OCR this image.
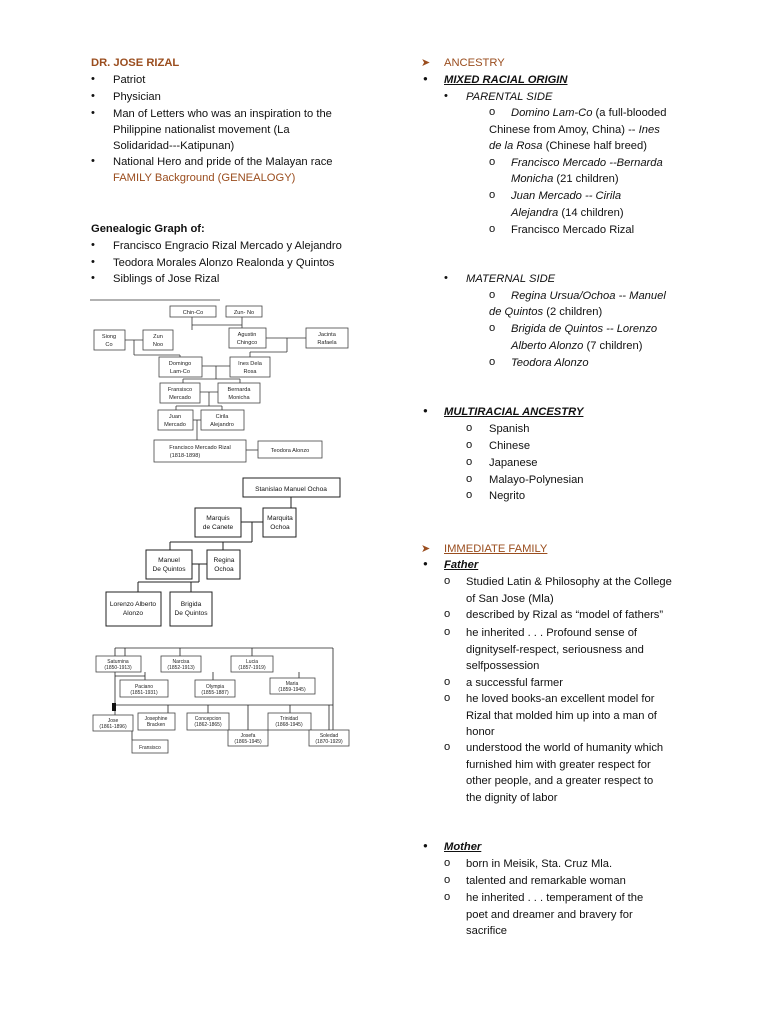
DR. JOSE RIZAL
• Patriot
• Physician
• Man of Letters who was an inspiration to the
Philippine nationalist movement (La
Solidaridad---Katipunan)
• National Hero and pride of the Malayan race
FAMILY Background (GENEALOGY)
Genealogic Graph of:
• Francisco Engracio Rizal Mercado y Alejandro
• Teodora Morales Alonzo Realonda y Quintos
• Siblings of Jose Rizal
Chin-Co	Zun- No
Siong
Co
Zun
Noo
Agustin
Chingco
Jacinta
Rafaela
Domingo
Lam-Co
Ines Dela
Rosa
Fransisco
Mercado
Bernarda
Monicha
Juan
Mercado
Cirila
Alejandro
Francisco Mercado Rizal
(1818-1898)
Teodora Alonzo
Stanislao Manuel Ochoa
Marquis
de Canete
Marquita
Ochoa
Manuel
De Quintos
Regina
Ochoa
Lorenzo Alberto
Alonzo
Brigida
De Quintos
Saturnina
(1850-1913)
Narcisa
(1852-1913)
Lucia
(1857-1919)
Paciano
(1851-1931)
Olympia
(1855-1887)
Maria
(1859-1945)
Jose
(1861-1896)
Josephine
Bracken
Concepcion
(1862-1865)
Josefa
(1865-1945)
Trinidad
(1868-1945)
Soledad
(1870-1929)
Fransisco
➤ ANCESTRY
● MIXED RACIAL ORIGIN
• PARENTAL SIDE
o Domino Lam-Co (a full-blooded
Chinese from Amoy, China) -- Ines
de la Rosa (Chinese half breed)
o Francisco Mercado --Bernarda
Monicha (21 children)
o Juan Mercado -- Cirila
Alejandra (14 children)
o Francisco Mercado Rizal
• MATERNAL SIDE
o Regina Ursua/Ochoa -- Manuel
de Quintos (2 children)
o Brigida de Quintos -- Lorenzo
Alberto Alonzo (7 children)
o Teodora Alonzo
● MULTIRACIAL ANCESTRY
o Spanish
o Chinese
o Japanese
o Malayo-Polynesian
o Negrito
➤ IMMEDIATE FAMILY
● Father
o Studied Latin & Philosophy at the College
of San Jose (Mla)
o described by Rizal as “model of fathers”
o he inherited . . . Profound sense of
dignityself-respect, seriousness and
selfpossession
o a successful farmer
o he loved books-an excellent model for
Rizal that molded him up into a man of
honor
o understood the world of humanity which
furnished him with greater respect for
other people, and a greater respect to
the dignity of labor
● Mother
o born in Meisik, Sta. Cruz Mla.
o talented and remarkable woman
o he inherited . . . temperament of the
poet and dreamer and bravery for
sacrifice
